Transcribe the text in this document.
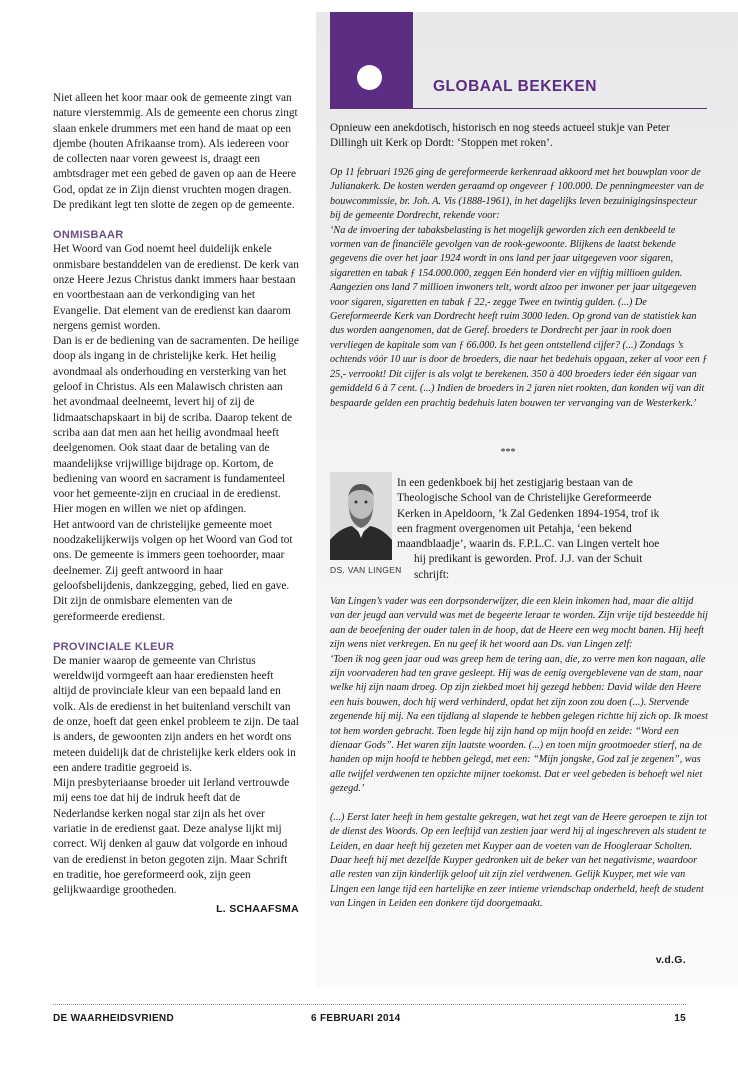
Niet alleen het koor maar ook de gemeente zingt van nature vierstemmig. Als de gemeente een chorus zingt slaan enkele drummers met een hand de maat op een djembe (houten Afrikaanse trom). Als iedereen voor de collecten naar voren geweest is, draagt een ambtsdrager met een gebed de gaven op aan de Heere God, opdat ze in Zijn dienst vruchten mogen dragen. De predikant legt ten slotte de zegen op de gemeente.

ONMISBAAR

Het Woord van God noemt heel duidelijk enkele onmisbare bestanddelen van de eredienst. De kerk van onze Heere Jezus Christus dankt immers haar bestaan en voortbestaan aan de verkondiging van het Evangelie. Dat element van de eredienst kan daarom nergens gemist worden.

Dan is er de bediening van de sacramenten. De heilige doop als ingang in de christelijke kerk. Het heilig avondmaal als onderhouding en versterking van het geloof in Christus. Als een Malawisch christen aan het avondmaal deelneemt, levert hij of zij de lidmaatschapskaart in bij de scriba. Daarop tekent de scriba aan dat men aan het heilig avondmaal heeft deelgenomen. Ook staat daar de betaling van de maandelijkse vrijwillige bijdrage op. Kortom, de bediening van woord en sacrament is fundamenteel voor het gemeente-zijn en cruciaal in de eredienst. Hier mogen en willen we niet op afdingen.

Het antwoord van de christelijke gemeente moet noodzakelijkerwijs volgen op het Woord van God tot ons. De gemeente is immers geen toehoorder, maar deelnemer. Zij geeft antwoord in haar geloofsbelijdenis, dankzegging, gebed, lied en gave. Dit zijn de onmisbare elementen van de gereformeerde eredienst.

PROVINCIALE KLEUR

De manier waarop de gemeente van Christus wereldwijd vormgeeft aan haar erediensten heeft altijd de provinciale kleur van een bepaald land en volk. Als de eredienst in het buitenland verschilt van de onze, hoeft dat geen enkel probleem te zijn. De taal is anders, de gewoonten zijn anders en het wordt ons meteen duidelijk dat de christelijke kerk elders ook in een andere traditie gegroeid is.

Mijn presbyteriaanse broeder uit Ierland vertrouwde mij eens toe dat hij de indruk heeft dat de Nederlandse kerken nogal star zijn als het over variatie in de eredienst gaat. Deze analyse lijkt mij correct. Wij denken al gauw dat volgorde en inhoud van de eredienst in beton gegoten zijn. Maar Schrift en traditie, hoe gereformeerd ook, zijn geen gelijkwaardige grootheden.

L. SCHAAFSMA
GLOBAAL BEKEKEN
Opnieuw een anekdotisch, historisch en nog steeds actueel stukje van Peter Dillingh uit Kerk op Dordt: ‘Stoppen met roken’.

Op 11 februari 1926 ging de gereformeerde kerkenraad akkoord met het bouwplan voor de Julianakerk. De kosten werden geraamd op ongeveer ƒ 100.000. De penningmeester van de bouwcommissie, br. Joh. A. Vis (1888-1961), in het dagelijks leven bezuinigingsinspecteur bij de gemeente Dordrecht, rekende voor:

‘Na de invoering der tabaksbelasting is het mogelijk geworden zich een denkbeeld te vormen van de financiële gevolgen van de rook-gewoonte. Blijkens de laatst bekende gegevens die over het jaar 1924 wordt in ons land per jaar uitgegeven voor sigaren, sigaretten en tabak ƒ 154.000.000, zeggen Eén honderd vier en vijftig millioen gulden. Aangezien ons land 7 millioen inwoners telt, wordt alzoo per inwoner per jaar uitgegeven voor sigaren, sigaretten en tabak ƒ 22,- zegge Twee en twintig gulden. (...) De Gereformeerde Kerk van Dordrecht heeft ruim 3000 leden. Op grond van de statistiek kan dus worden aangenomen, dat de Geref. broeders te Dordrecht per jaar in rook doen vervliegen de kapitale som van ƒ 66.000. Is het geen ontstellend cijfer? (...) Zondags ’s ochtends vóór 10 uur is door de broeders, die naar het bedehuis opgaan, zeker al voor een ƒ 25,- verrookt! Dit cijfer is als volgt te berekenen. 350 à 400 broeders ieder één sigaar van gemiddeld 6 à 7 cent. (...) Indien de broeders in 2 jaren niet rookten, dan konden wij van dit bespaarde gelden een prachtig bedehuis laten bouwen ter vervanging van de Westerkerk.’

***
DS. VAN LINGEN

In een gedenkboek bij het zestigjarig bestaan van de

Theologische School van de Christelijke Gereformeerde

Kerken in Apeldoorn, ’k Zal Gedenken 1894-1954, trof ik

een fragment overgenomen uit Petahja, ‘een bekend

maandblaadje’, waarin ds. F.P.L.C. van Lingen vertelt hoe

hij predikant is geworden. Prof. J.J. van der Schuit

schrijft:

Van Lingen’s vader was een dorpsonderwijzer, die een klein inkomen had, maar die altijd van der jeugd aan vervuld was met de begeerte leraar te worden. Zijn vrije tijd besteedde hij aan de beoefening der ouder talen in de hoop, dat de Heere een weg mocht banen. Hij heeft zijn wens niet verkregen. En nu geef ik het woord aan Ds. van Lingen zelf:

‘Toen ik nog geen jaar oud was greep hem de tering aan, die, zo verre men kon nagaan, alle zijn voorvaderen had ten grave gesleept. Hij was de eenig overgeblevene van de stam, naar welke hij zijn naam droeg. Op zijn ziekbed moet hij gezegd hebben: David wilde den Heere een huis bouwen, doch hij werd verhinderd, opdat het zijn zoon zou doen (...). Stervende zegenende hij mij. Na een tijdlang al slapende te hebben gelegen richtte hij zich op. Ik moest tot hem worden gebracht. Toen legde hij zijn hand op mijn hoofd en zeide: “Word een dienaar Gods”. Het waren zijn laatste woorden. (...) en toen mijn grootmoeder stierf, na de handen op mijn hoofd te hebben gelegd, met een: “Mijn jongske, God zal je zegenen”, was alle twijfel verdwenen ten opzichte mijner toekomst. Dat er veel gebeden is behoeft wel niet gezegd.’

(...) Eerst later heeft in hem gestalte gekregen, wat het zegt van de Heere geroepen te zijn tot de dienst des Woords. Op een leeftijd van zestien jaar werd hij al ingeschreven als student te Leiden, en daar heeft hij gezeten met Kuyper aan de voeten van de Hoogleraar Scholten. Daar heeft hij met dezelfde Kuyper gedronken uit de beker van het negativisme, waardoor alle resten van zijn kinderlijk geloof uit zijn ziel verdwenen. Gelijk Kuyper, met wie van Lingen een lange tijd een hartelijke en zeer intieme vriendschap onderheld, heeft de student van Lingen in Leiden een donkere tijd doorgemaakt.

v.d.G.
DE WAARHEIDSVRIEND	6 FEBRUARI 2014	15
